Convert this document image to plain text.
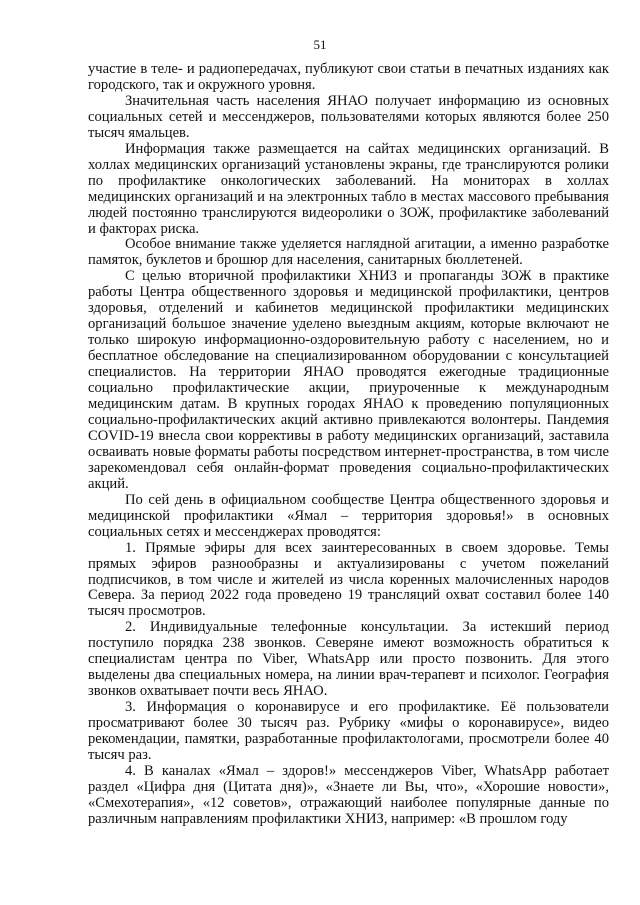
51

участие в теле- и радиопередачах, публикуют свои статьи в печатных изданиях как городского, так и окружного уровня.

Значительная часть населения ЯНАО получает информацию из основных социальных сетей и мессенджеров, пользователями которых являются более 250 тысяч ямальцев.

Информация также размещается на сайтах медицинских организаций. В холлах медицинских организаций установлены экраны, где транслируются ролики по профилактике онкологических заболеваний. На мониторах в холлах медицинских организаций и на электронных табло в местах массового пребывания людей постоянно транслируются видеоролики о ЗОЖ, профилактике заболеваний и факторах риска.

Особое внимание также уделяется наглядной агитации, а именно разработке памяток, буклетов и брошюр для населения, санитарных бюллетеней.

С целью вторичной профилактики ХНИЗ и пропаганды ЗОЖ в практике работы Центра общественного здоровья и медицинской профилактики, центров здоровья, отделений и кабинетов медицинской профилактики медицинских организаций большое значение уделено выездным акциям, которые включают не только широкую информационно-оздоровительную работу с населением, но и бесплатное обследование на специализированном оборудовании с консультацией специалистов. На территории ЯНАО проводятся ежегодные традиционные социально профилактические акции, приуроченные к международным медицинским датам. В крупных городах ЯНАО к проведению популяционных социально-профилактических акций активно привлекаются волонтеры. Пандемия COVID-19 внесла свои коррективы в работу медицинских организаций, заставила осваивать новые форматы работы посредством интернет-пространства, в том числе зарекомендовал себя онлайн-формат проведения социально-профилактических акций.

По сей день в официальном сообществе Центра общественного здоровья и медицинской профилактики «Ямал – территория здоровья!» в основных социальных сетях и мессенджерах проводятся:

1. Прямые эфиры для всех заинтересованных в своем здоровье. Темы прямых эфиров разнообразны и актуализированы с учетом пожеланий подписчиков, в том числе и жителей из числа коренных малочисленных народов Севера. За период 2022 года проведено 19 трансляций охват составил более 140 тысяч просмотров.

2. Индивидуальные телефонные консультации. За истекший период поступило порядка 238 звонков. Северяне имеют возможность обратиться к специалистам центра по Viber, WhatsApp или просто позвонить. Для этого выделены два специальных номера, на линии врач-терапевт и психолог. География звонков охватывает почти весь ЯНАО.

3. Информация о коронавирусе и его профилактике. Её пользователи просматривают более 30 тысяч раз. Рубрику «мифы о коронавирусе», видео рекомендации, памятки, разработанные профилактологами, просмотрели более 40 тысяч раз.

4. В каналах «Ямал – здоров!» мессенджеров Viber, WhatsApp работает раздел «Цифра дня (Цитата дня)», «Знаете ли Вы, что», «Хорошие новости», «Смехотерапия», «12 советов», отражающий наиболее популярные данные по различным направлениям профилактики ХНИЗ, например: «В прошлом году
